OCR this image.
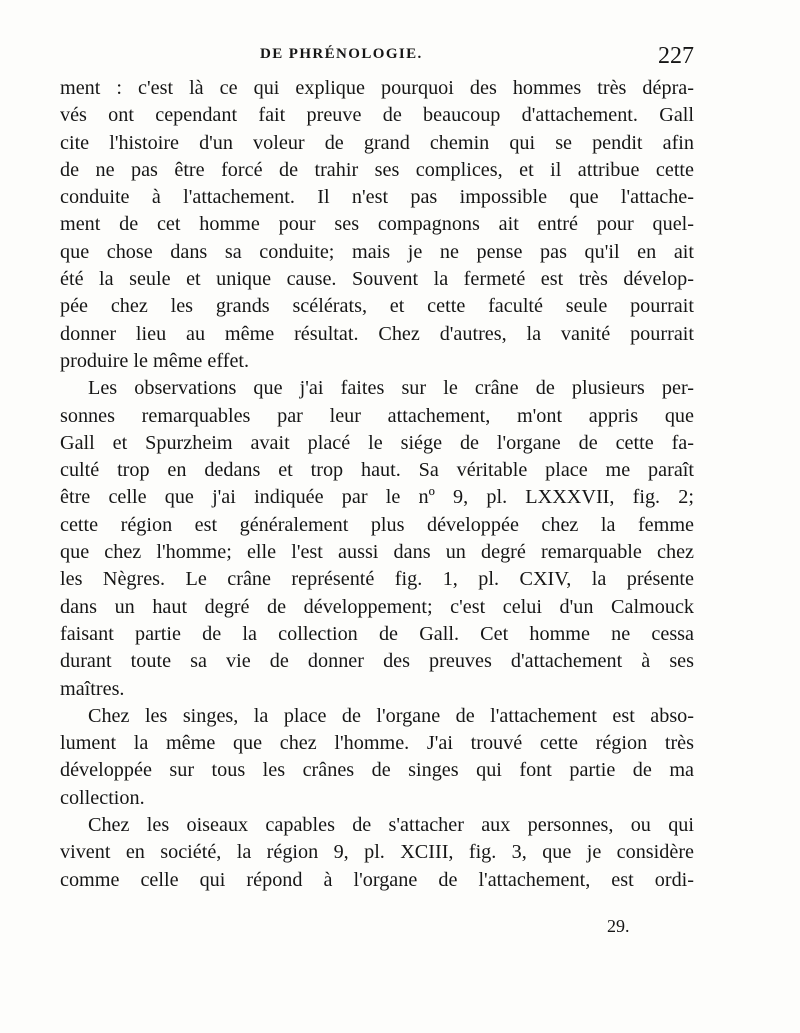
DE PHRÉNOLOGIE.	227
ment : c'est là ce qui explique pourquoi des hommes très dépra-
vés ont cependant fait preuve de beaucoup d'attachement. Gall
cite l'histoire d'un voleur de grand chemin qui se pendit afin
de ne pas être forcé de trahir ses complices, et il attribue cette
conduite à l'attachement. Il n'est pas impossible que l'attache-
ment de cet homme pour ses compagnons ait entré pour quel-
que chose dans sa conduite; mais je ne pense pas qu'il en ait
été la seule et unique cause. Souvent la fermeté est très dévelop-
pée chez les grands scélérats, et cette faculté seule pourrait
donner lieu au même résultat. Chez d'autres, la vanité pourrait
produire le même effet.
Les observations que j'ai faites sur le crâne de plusieurs per-
sonnes remarquables par leur attachement, m'ont appris que
Gall et Spurzheim avait placé le siége de l'organe de cette fa-
culté trop en dedans et trop haut. Sa véritable place me paraît
être celle que j'ai indiquée par le nº 9, pl. LXXXVII, fig. 2;
cette région est généralement plus développée chez la femme
que chez l'homme; elle l'est aussi dans un degré remarquable chez
les Nègres. Le crâne représenté fig. 1, pl. CXIV, la présente
dans un haut degré de développement; c'est celui d'un Calmouck
faisant partie de la collection de Gall. Cet homme ne cessa
durant toute sa vie de donner des preuves d'attachement à ses
maîtres.
Chez les singes, la place de l'organe de l'attachement est abso-
lument la même que chez l'homme. J'ai trouvé cette région très
développée sur tous les crânes de singes qui font partie de ma
collection.
Chez les oiseaux capables de s'attacher aux personnes, ou qui
vivent en société, la région 9, pl. XCIII, fig. 3, que je considère
comme celle qui répond à l'organe de l'attachement, est ordi-
29.
